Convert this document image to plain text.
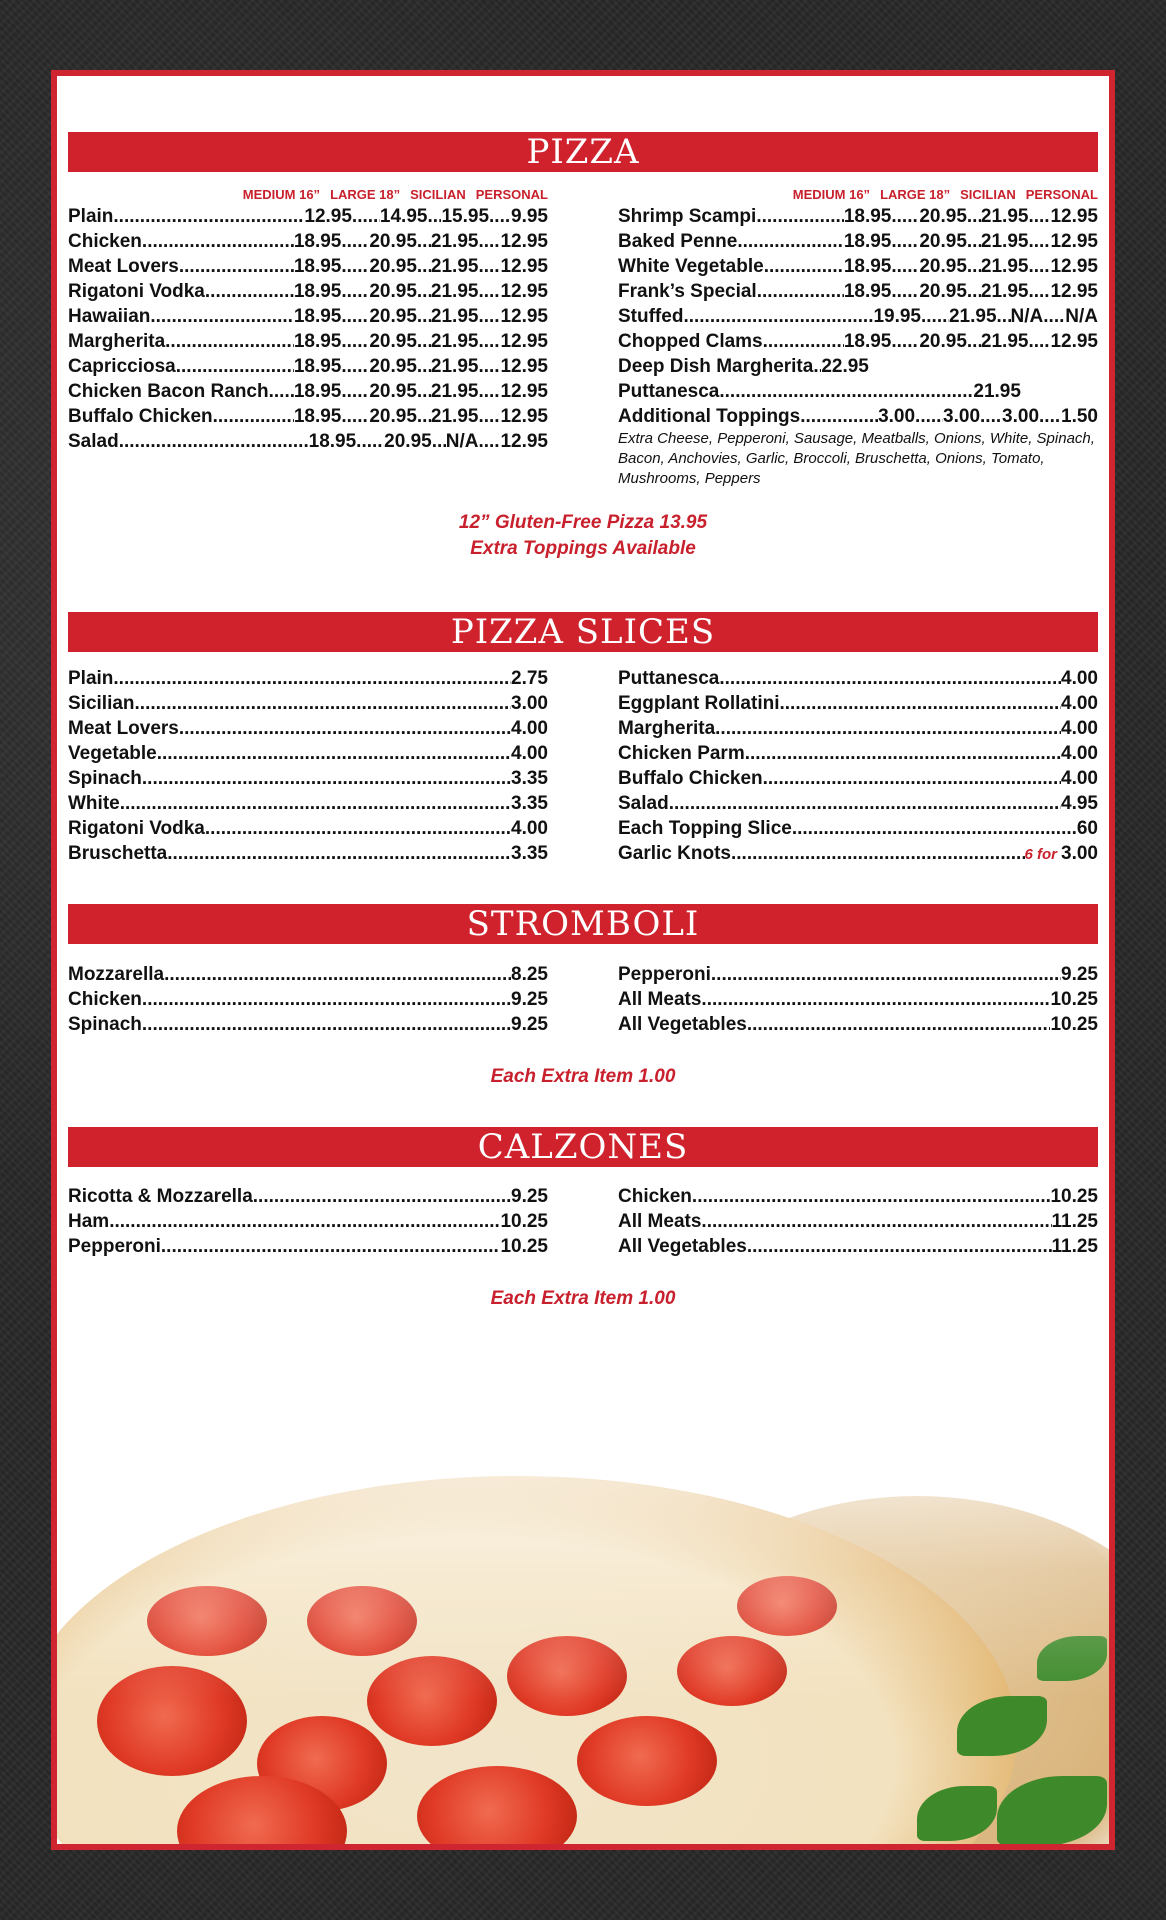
PIZZA
MEDIUM 16” LARGE 18” SICILIAN PERSONAL
Plain .....	12.95 ..... 14.95 ..... 15.95 ..... 9.95
Chicken .....	18.95 ..... 20.95 ..... 21.95 ..... 12.95
Meat Lovers .....	18.95 ..... 20.95 ..... 21.95 ..... 12.95
Rigatoni Vodka .....	18.95 ..... 20.95 ..... 21.95 ..... 12.95
Hawaiian .....	18.95 ..... 20.95 ..... 21.95 ..... 12.95
Margherita .....	18.95 ..... 20.95 ..... 21.95 ..... 12.95
Capricciosa .....	18.95 ..... 20.95 ..... 21.95 ..... 12.95
Chicken Bacon Ranch ..... 18.95 ..... 20.95 ..... 21.95 ..... 12.95
Buffalo Chicken .....	18.95 ..... 20.95 ..... 21.95 ..... 12.95
Salad .....	18.95 ..... 20.95 ..... N/A ..... 12.95
MEDIUM 16” LARGE 18” SICILIAN PERSONAL
Shrimp Scampi .....	18.95 ..... 20.95 ..... 21.95 ..... 12.95
Baked Penne .....	18.95 ..... 20.95 ..... 21.95 ..... 12.95
White Vegetable .....	18.95 ..... 20.95 ..... 21.95 ..... 12.95
Frank’s Special .....	18.95 ..... 20.95 ..... 21.95 ..... 12.95
Stuffed .....	19.95 ..... 21.95 ..... N/A ..... N/A
Chopped Clams .....	18.95 ..... 20.95 ..... 21.95 ..... 12.95
Deep Dish Margherita ..... 22.95
Puttanesca .....	21.95
Additional Toppings .....	3.00 ..... 3.00 ..... 3.00 ..... 1.50
Extra Cheese, Pepperoni, Sausage, Meatballs, Onions, White, Spinach, Bacon, Anchovies, Garlic, Broccoli, Bruschetta, Onions, Tomato, Mushrooms, Peppers
12” Gluten-Free Pizza 13.95
Extra Toppings Available
PIZZA SLICES
Plain .....	2.75
Sicilian .....	3.00
Meat Lovers .....	4.00
Vegetable .....	4.00
Spinach .....	3.35
White .....	3.35
Rigatoni Vodka .....	4.00
Bruschetta .....	3.35
Puttanesca .....	4.00
Eggplant Rollatini .....	4.00
Margherita .....	4.00
Chicken Parm .....	4.00
Buffalo Chicken .....	4.00
Salad .....	4.95
Each Topping Slice .....	.60
Garlic Knots .....	6 for 3.00
STROMBOLI
Mozzarella .....	8.25
Chicken .....	9.25
Spinach .....	9.25
Pepperoni .....	9.25
All Meats .....	10.25
All Vegetables .....	10.25
Each Extra Item 1.00
CALZONES
Ricotta & Mozzarella .....	9.25
Ham .....	10.25
Pepperoni .....	10.25
Chicken .....	10.25
All Meats .....	11.25
All Vegetables .....	11.25
Each Extra Item 1.00
